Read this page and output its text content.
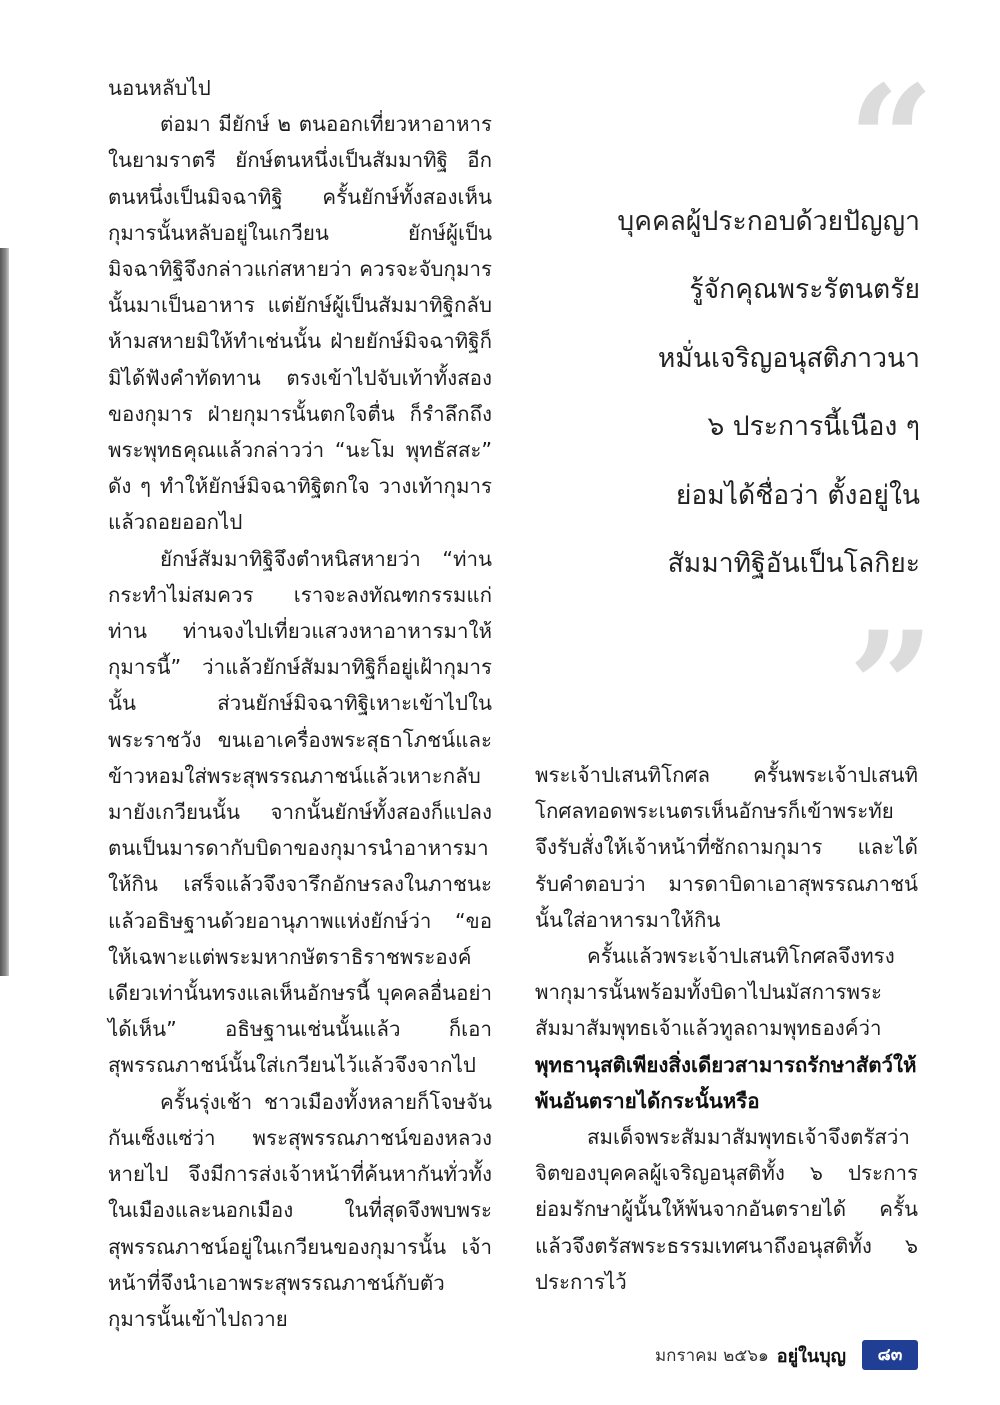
นอนหลับไป

ต่อมา มียักษ์ ๒ ตนออกเที่ยวหาอาหารในยามราตรี ยักษ์ตนหนึ่งเป็นสัมมาทิฐิ อีกตนหนึ่งเป็นมิจฉาทิฐิ ครั้นยักษ์ทั้งสองเห็นกุมารนั้นหลับอยู่ในเกวียน ยักษ์ผู้เป็นมิจฉาทิฐิจึงกล่าวแก่สหายว่า ควรจะจับกุมารนั้นมาเป็นอาหาร แต่ยักษ์ผู้เป็นสัมมาทิฐิกลับห้ามสหายมิให้ทำเช่นนั้น ฝ่ายยักษ์มิจฉาทิฐิก็มิได้ฟังคำทัดทาน ตรงเข้าไปจับเท้าทั้งสองของกุมาร ฝ่ายกุมารนั้นตกใจตื่น ก็รำลึกถึงพระพุทธคุณแล้วกล่าวว่า “นะโม พุทธัสสะ” ดัง ๆ ทำให้ยักษ์มิจฉาทิฐิตกใจ วางเท้ากุมารแล้วถอยออกไป

ยักษ์สัมมาทิฐิจึงตำหนิสหายว่า “ท่านกระทำไม่สมควร เราจะลงทัณฑกรรมแก่ท่าน ท่านจงไปเที่ยวแสวงหาอาหารมาให้กุมารนี้” ว่าแล้วยักษ์สัมมาทิฐิก็อยู่เฝ้ากุมารนั้น ส่วนยักษ์มิจฉาทิฐิเหาะเข้าไปในพระราชวัง ขนเอาเครื่องพระสุธาโภชน์และข้าวหอมใส่พระสุพรรณภาชน์แล้วเหาะกลับมายังเกวียนนั้น จากนั้นยักษ์ทั้งสองก็แปลงตนเป็นมารดากับบิดาของกุมารนำอาหารมาให้กิน เสร็จแล้วจึงจารึกอักษรลงในภาชนะ แล้วอธิษฐานด้วยอานุภาพแห่งยักษ์ว่า “ขอให้เฉพาะแต่พระมหากษัตราธิราชพระองค์เดียวเท่านั้นทรงแลเห็นอักษรนี้ บุคคลอื่นอย่าได้เห็น” อธิษฐานเช่นนั้นแล้ว ก็เอาสุพรรณภาชน์นั้นใส่เกวียนไว้แล้วจึงจากไป

ครั้นรุ่งเช้า ชาวเมืองทั้งหลายก็โจษจันกันเซ็งแซ่ว่า พระสุพรรณภาชน์ของหลวงหายไป จึงมีการส่งเจ้าหน้าที่ค้นหากันทั่วทั้งในเมืองและนอกเมือง ในที่สุดจึงพบพระสุพรรณภาชน์อยู่ในเกวียนของกุมารนั้น เจ้าหน้าที่จึงนำเอาพระสุพรรณภาชน์กับตัวกุมารนั้นเข้าไปถวาย

“
บุคคลผู้ประกอบด้วยปัญญา
รู้จักคุณพระรัตนตรัย
หมั่นเจริญอนุสติภาวนา
๖ ประการนี้เนือง ๆ
ย่อมได้ชื่อว่า ตั้งอยู่ใน
สัมมาทิฐิอันเป็นโลกิยะ
”

พระเจ้าปเสนทิโกศล ครั้นพระเจ้าปเสนทิโกศลทอดพระเนตรเห็นอักษรก็เข้าพระทัย จึงรับสั่งให้เจ้าหน้าที่ซักถามกุมาร และได้รับคำตอบว่า มารดาบิดาเอาสุพรรณภาชน์นั้นใส่อาหารมาให้กิน

ครั้นแล้วพระเจ้าปเสนทิโกศลจึงทรงพากุมารนั้นพร้อมทั้งบิดาไปนมัสการพระสัมมาสัมพุทธเจ้าแล้วทูลถามพุทธองค์ว่า พุทธานุสติเพียงสิ่งเดียวสามารถรักษาสัตว์ให้พ้นอันตรายได้กระนั้นหรือ

สมเด็จพระสัมมาสัมพุทธเจ้าจึงตรัสว่า จิตของบุคคลผู้เจริญอนุสติทั้ง ๖ ประการ ย่อมรักษาผู้นั้นให้พ้นจากอันตรายได้ ครั้นแล้วจึงตรัสพระธรรมเทศนาถึงอนุสติทั้ง ๖ ประการไว้

มกราคม ๒๕๖๑ อยู่ในบุญ	๘๓
